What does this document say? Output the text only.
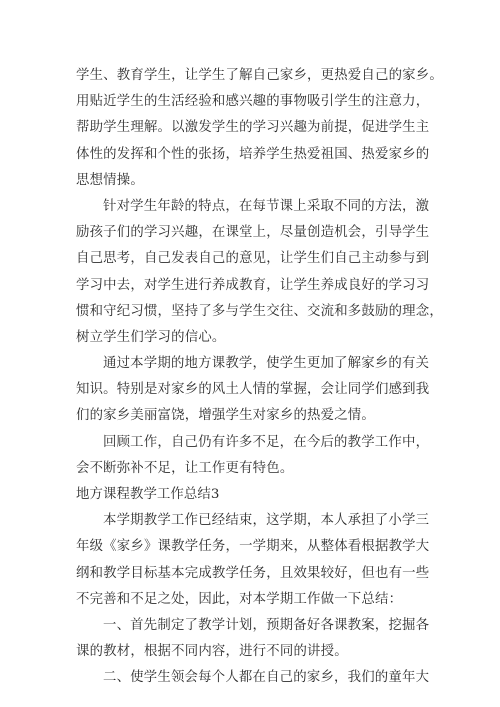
学生、教育学生，让学生了解自己家乡，更热爱自己的家乡。
用贴近学生的生活经验和感兴趣的事物吸引学生的注意力，
帮助学生理解。以激发学生的学习兴趣为前提，促进学生主
体性的发挥和个性的张扬，培养学生热爱祖国、热爱家乡的
思想情操。
针对学生年龄的特点，在每节课上采取不同的方法，激
励孩子们的学习兴趣，在课堂上，尽量创造机会，引导学生
自己思考，自己发表自己的意见，让学生们自己主动参与到
学习中去，对学生进行养成教育，让学生养成良好的学习习
惯和守纪习惯，坚持了多与学生交往、交流和多鼓励的理念，
树立学生们学习的信心。
通过本学期的地方课教学，使学生更加了解家乡的有关
知识。特别是对家乡的风土人情的掌握，会让同学们感到我
们的家乡美丽富饶，增强学生对家乡的热爱之情。
回顾工作，自己仍有许多不足，在今后的教学工作中，
会不断弥补不足，让工作更有特色。
地方课程教学工作总结3
本学期教学工作已经结束，这学期，本人承担了小学三
年级《家乡》课教学任务，一学期来，从整体看根据教学大
纲和教学目标基本完成教学任务，且效果较好，但也有一些
不完善和不足之处，因此，对本学期工作做一下总结：
一、首先制定了教学计划，预期备好各课教案，挖掘各
课的教材，根据不同内容，进行不同的讲授。
二、使学生领会每个人都在自己的家乡，我们的童年大
